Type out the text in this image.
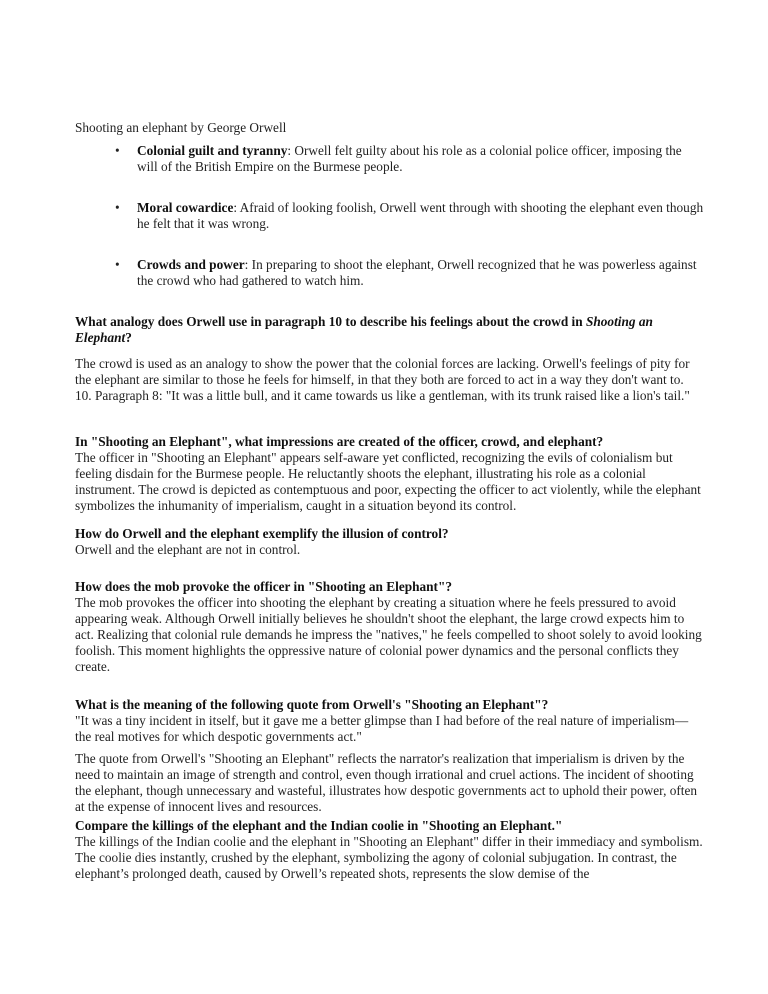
Shooting an elephant by George Orwell
• Colonial guilt and tyranny: Orwell felt guilty about his role as a colonial police officer, imposing the will of the British Empire on the Burmese people.
• Moral cowardice: Afraid of looking foolish, Orwell went through with shooting the elephant even though he felt that it was wrong.
• Crowds and power: In preparing to shoot the elephant, Orwell recognized that he was powerless against the crowd who had gathered to watch him.

What analogy does Orwell use in paragraph 10 to describe his feelings about the crowd in Shooting an Elephant?

The crowd is used as an analogy to show the power that the colonial forces are lacking. Orwell's feelings of pity for the elephant are similar to those he feels for himself, in that they both are forced to act in a way they don't want to. 10. Paragraph 8: "It was a little bull, and it came towards us like a gentleman, with its trunk raised like a lion's tail."

In "Shooting an Elephant", what impressions are created of the officer, crowd, and elephant?

The officer in "Shooting an Elephant" appears self-aware yet conflicted, recognizing the evils of colonialism but feeling disdain for the Burmese people. He reluctantly shoots the elephant, illustrating his role as a colonial instrument. The crowd is depicted as contemptuous and poor, expecting the officer to act violently, while the elephant symbolizes the inhumanity of imperialism, caught in a situation beyond its control.

How do Orwell and the elephant exemplify the illusion of control?

Orwell and the elephant are not in control.

How does the mob provoke the officer in "Shooting an Elephant"?

The mob provokes the officer into shooting the elephant by creating a situation where he feels pressured to avoid appearing weak. Although Orwell initially believes he shouldn't shoot the elephant, the large crowd expects him to act. Realizing that colonial rule demands he impress the "natives," he feels compelled to shoot solely to avoid looking foolish. This moment highlights the oppressive nature of colonial power dynamics and the personal conflicts they create.

What is the meaning of the following quote from Orwell's "Shooting an Elephant"?

"It was a tiny incident in itself, but it gave me a better glimpse than I had before of the real nature of imperialism—the real motives for which despotic governments act."

The quote from Orwell's "Shooting an Elephant" reflects the narrator's realization that imperialism is driven by the need to maintain an image of strength and control, even though irrational and cruel actions. The incident of shooting the elephant, though unnecessary and wasteful, illustrates how despotic governments act to uphold their power, often at the expense of innocent lives and resources.

Compare the killings of the elephant and the Indian coolie in "Shooting an Elephant."

The killings of the Indian coolie and the elephant in "Shooting an Elephant" differ in their immediacy and symbolism. The coolie dies instantly, crushed by the elephant, symbolizing the agony of colonial subjugation. In contrast, the elephant’s prolonged death, caused by Orwell’s repeated shots, represents the slow demise of the
